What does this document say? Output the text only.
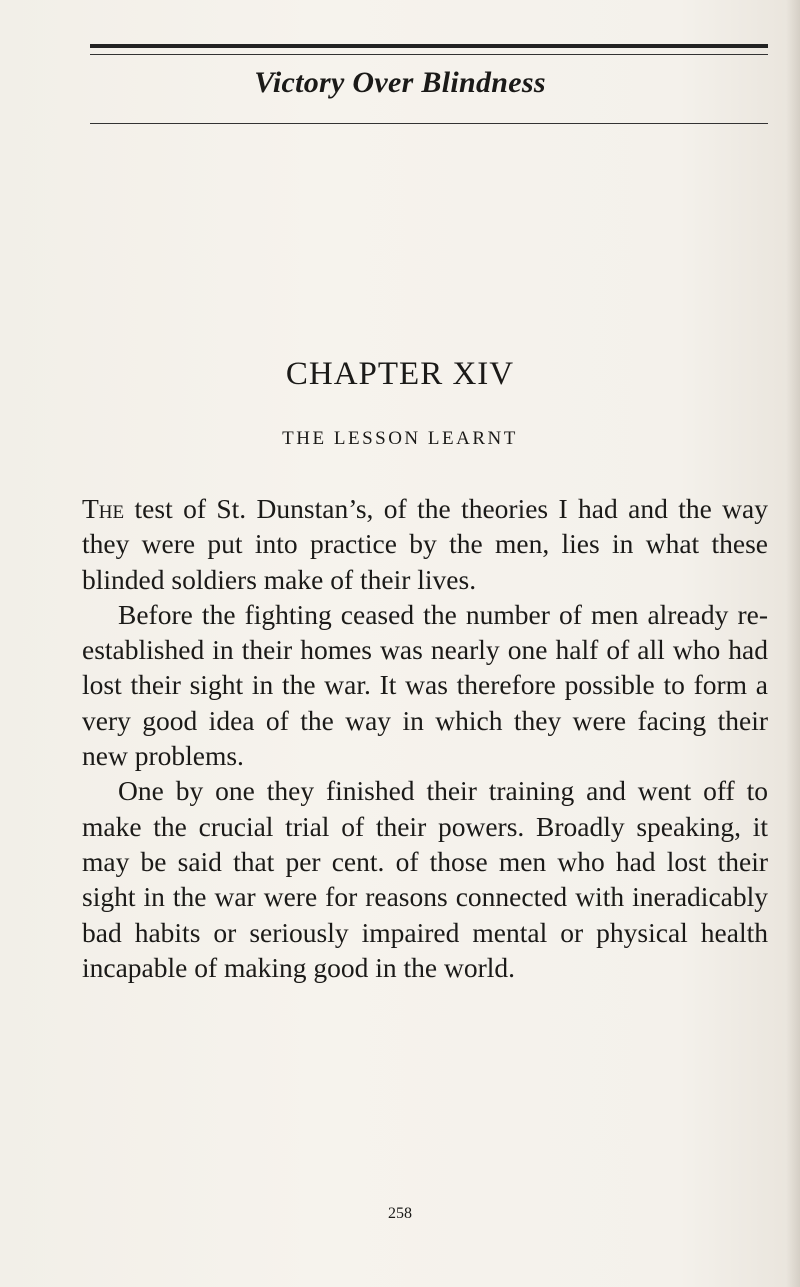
Victory Over Blindness
CHAPTER XIV
THE LESSON LEARNT

The test of St. Dunstan’s, of the theories I had and the way they were put into practice by the men, lies in what these blinded soldiers make of their lives.

Before the fighting ceased the number of men already re-established in their homes was nearly one half of all who had lost their sight in the war. It was therefore possible to form a very good idea of the way in which they were facing their new problems.

One by one they finished their training and went off to make the crucial trial of their powers. Broadly speaking, it may be said that per cent. of those men who had lost their sight in the war were for reasons connected with ineradicably bad habits or seriously impaired mental or physical health incapable of making good in the world.

258
